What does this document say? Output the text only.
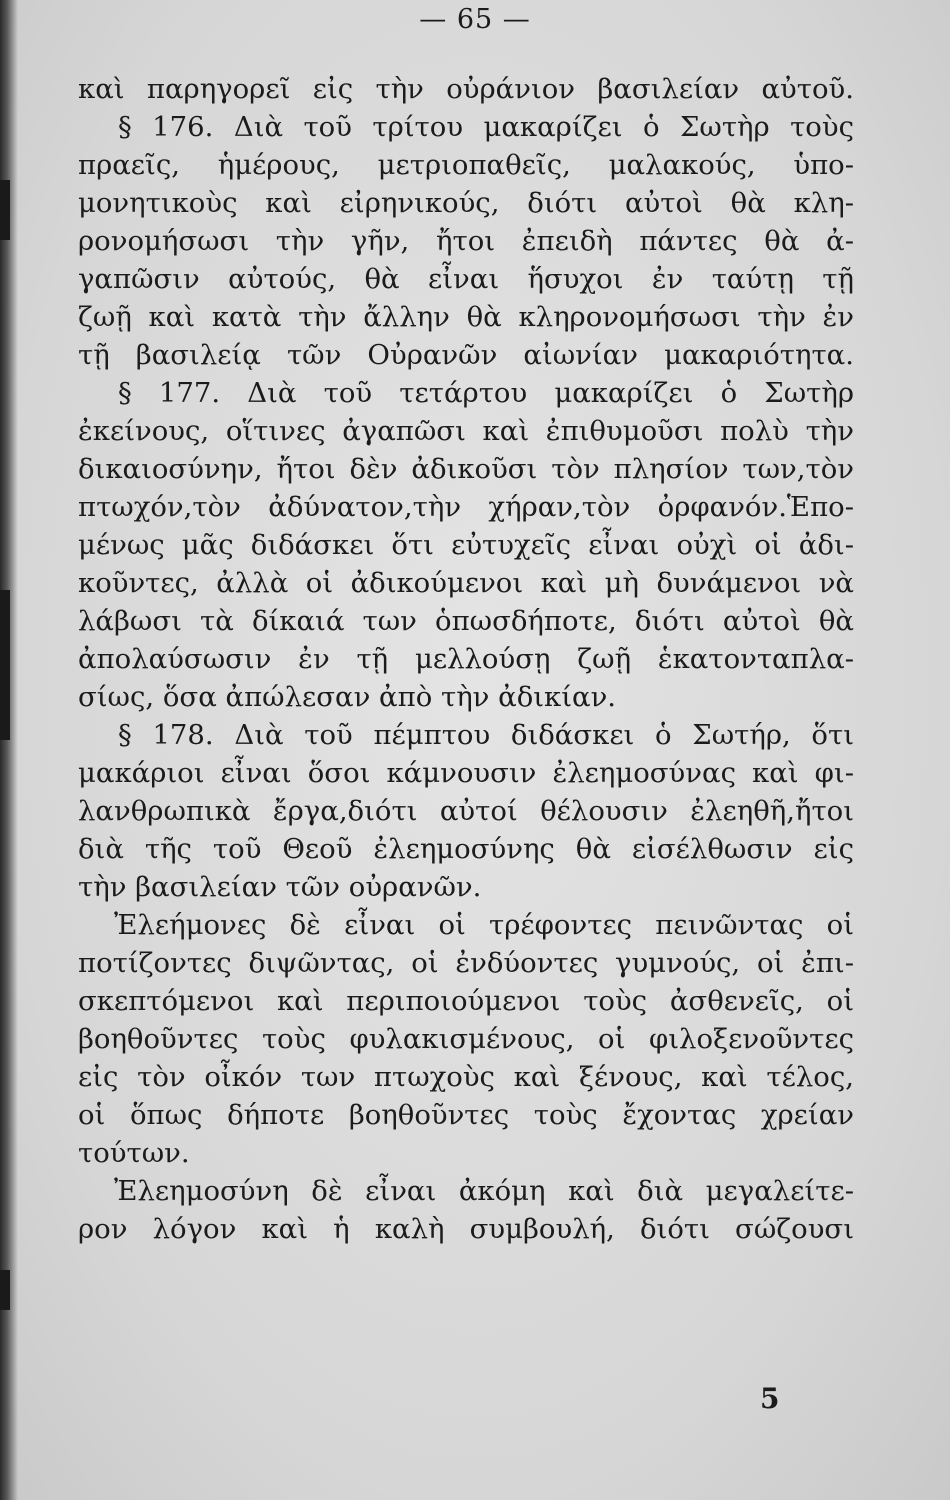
— 65 —
καὶ παρηγορεῖ εἰς τὴν οὐράνιον βασιλείαν αὐτοῦ.
§ 176. Διὰ τοῦ τρίτου μακαρίζει ὁ Σωτὴρ τοὺς
πραεῖς, ἡμέρους, μετριοπαθεῖς, μαλακούς, ὑπο-
μονητικοὺς καὶ εἰρηνικούς, διότι αὐτοὶ θὰ κλη-
ρονομήσωσι τὴν γῆν, ἤτοι ἐπειδὴ πάντες θὰ ἀ-
γαπῶσιν αὐτούς, θὰ εἶναι ἥσυχοι ἐν ταύτῃ τῇ
ζωῇ καὶ κατὰ τὴν ἄλλην θὰ κληρονομήσωσι τὴν ἐν
τῇ βασιλείᾳ τῶν Οὐρανῶν αἰωνίαν μακαριότητα.
§ 177. Διὰ τοῦ τετάρτου μακαρίζει ὁ Σωτὴρ
ἐκείνους, οἵτινες ἀγαπῶσι καὶ ἐπιθυμοῦσι πολὺ τὴν
δικαιοσύνην, ἤτοι δὲν ἀδικοῦσι τὸν πλησίον των,τὸν
πτωχόν,τὸν ἀδύνατον,τὴν χήραν,τὸν ὀρφανόν.Ἑπο-
μένως μᾶς διδάσκει ὅτι εὐτυχεῖς εἶναι οὐχὶ οἱ ἀδι-
κοῦντες, ἀλλὰ οἱ ἀδικούμενοι καὶ μὴ δυνάμενοι νὰ
λάβωσι τὰ δίκαιά των ὁπωσδήποτε, διότι αὐτοὶ θὰ
ἀπολαύσωσιν ἐν τῇ μελλούσῃ ζωῇ ἑκατονταπλα-
σίως, ὅσα ἀπώλεσαν ἀπὸ τὴν ἀδικίαν.
§ 178. Διὰ τοῦ πέμπτου διδάσκει ὁ Σωτήρ, ὅτι
μακάριοι εἶναι ὅσοι κάμνουσιν ἐλεημοσύνας καὶ φι-
λανθρωπικὰ ἔργα,διότι αὐτοί θέλουσιν ἐλεηθῆ,ἤτοι
διὰ τῆς τοῦ Θεοῦ ἐλεημοσύνης θὰ εἰσέλθωσιν εἰς
τὴν βασιλείαν τῶν οὐρανῶν.
Ἐλεήμονες δὲ εἶναι οἱ τρέφοντες πεινῶντας οἱ
ποτίζοντες διψῶντας, οἱ ἐνδύοντες γυμνούς, οἱ ἐπι-
σκεπτόμενοι καὶ περιποιούμενοι τοὺς ἀσθενεῖς, οἱ
βοηθοῦντες τοὺς φυλακισμένους, οἱ φιλοξενοῦντες
εἰς τὸν οἶκόν των πτωχοὺς καὶ ξένους, καὶ τέλος,
οἱ ὅπως δήποτε βοηθοῦντες τοὺς ἔχοντας χρείαν
τούτων.
Ἐλεημοσύνη δὲ εἶναι ἀκόμη καὶ διὰ μεγαλείτε-
ρον λόγον καὶ ἡ καλὴ συμβουλή, διότι σώζουσι
5
